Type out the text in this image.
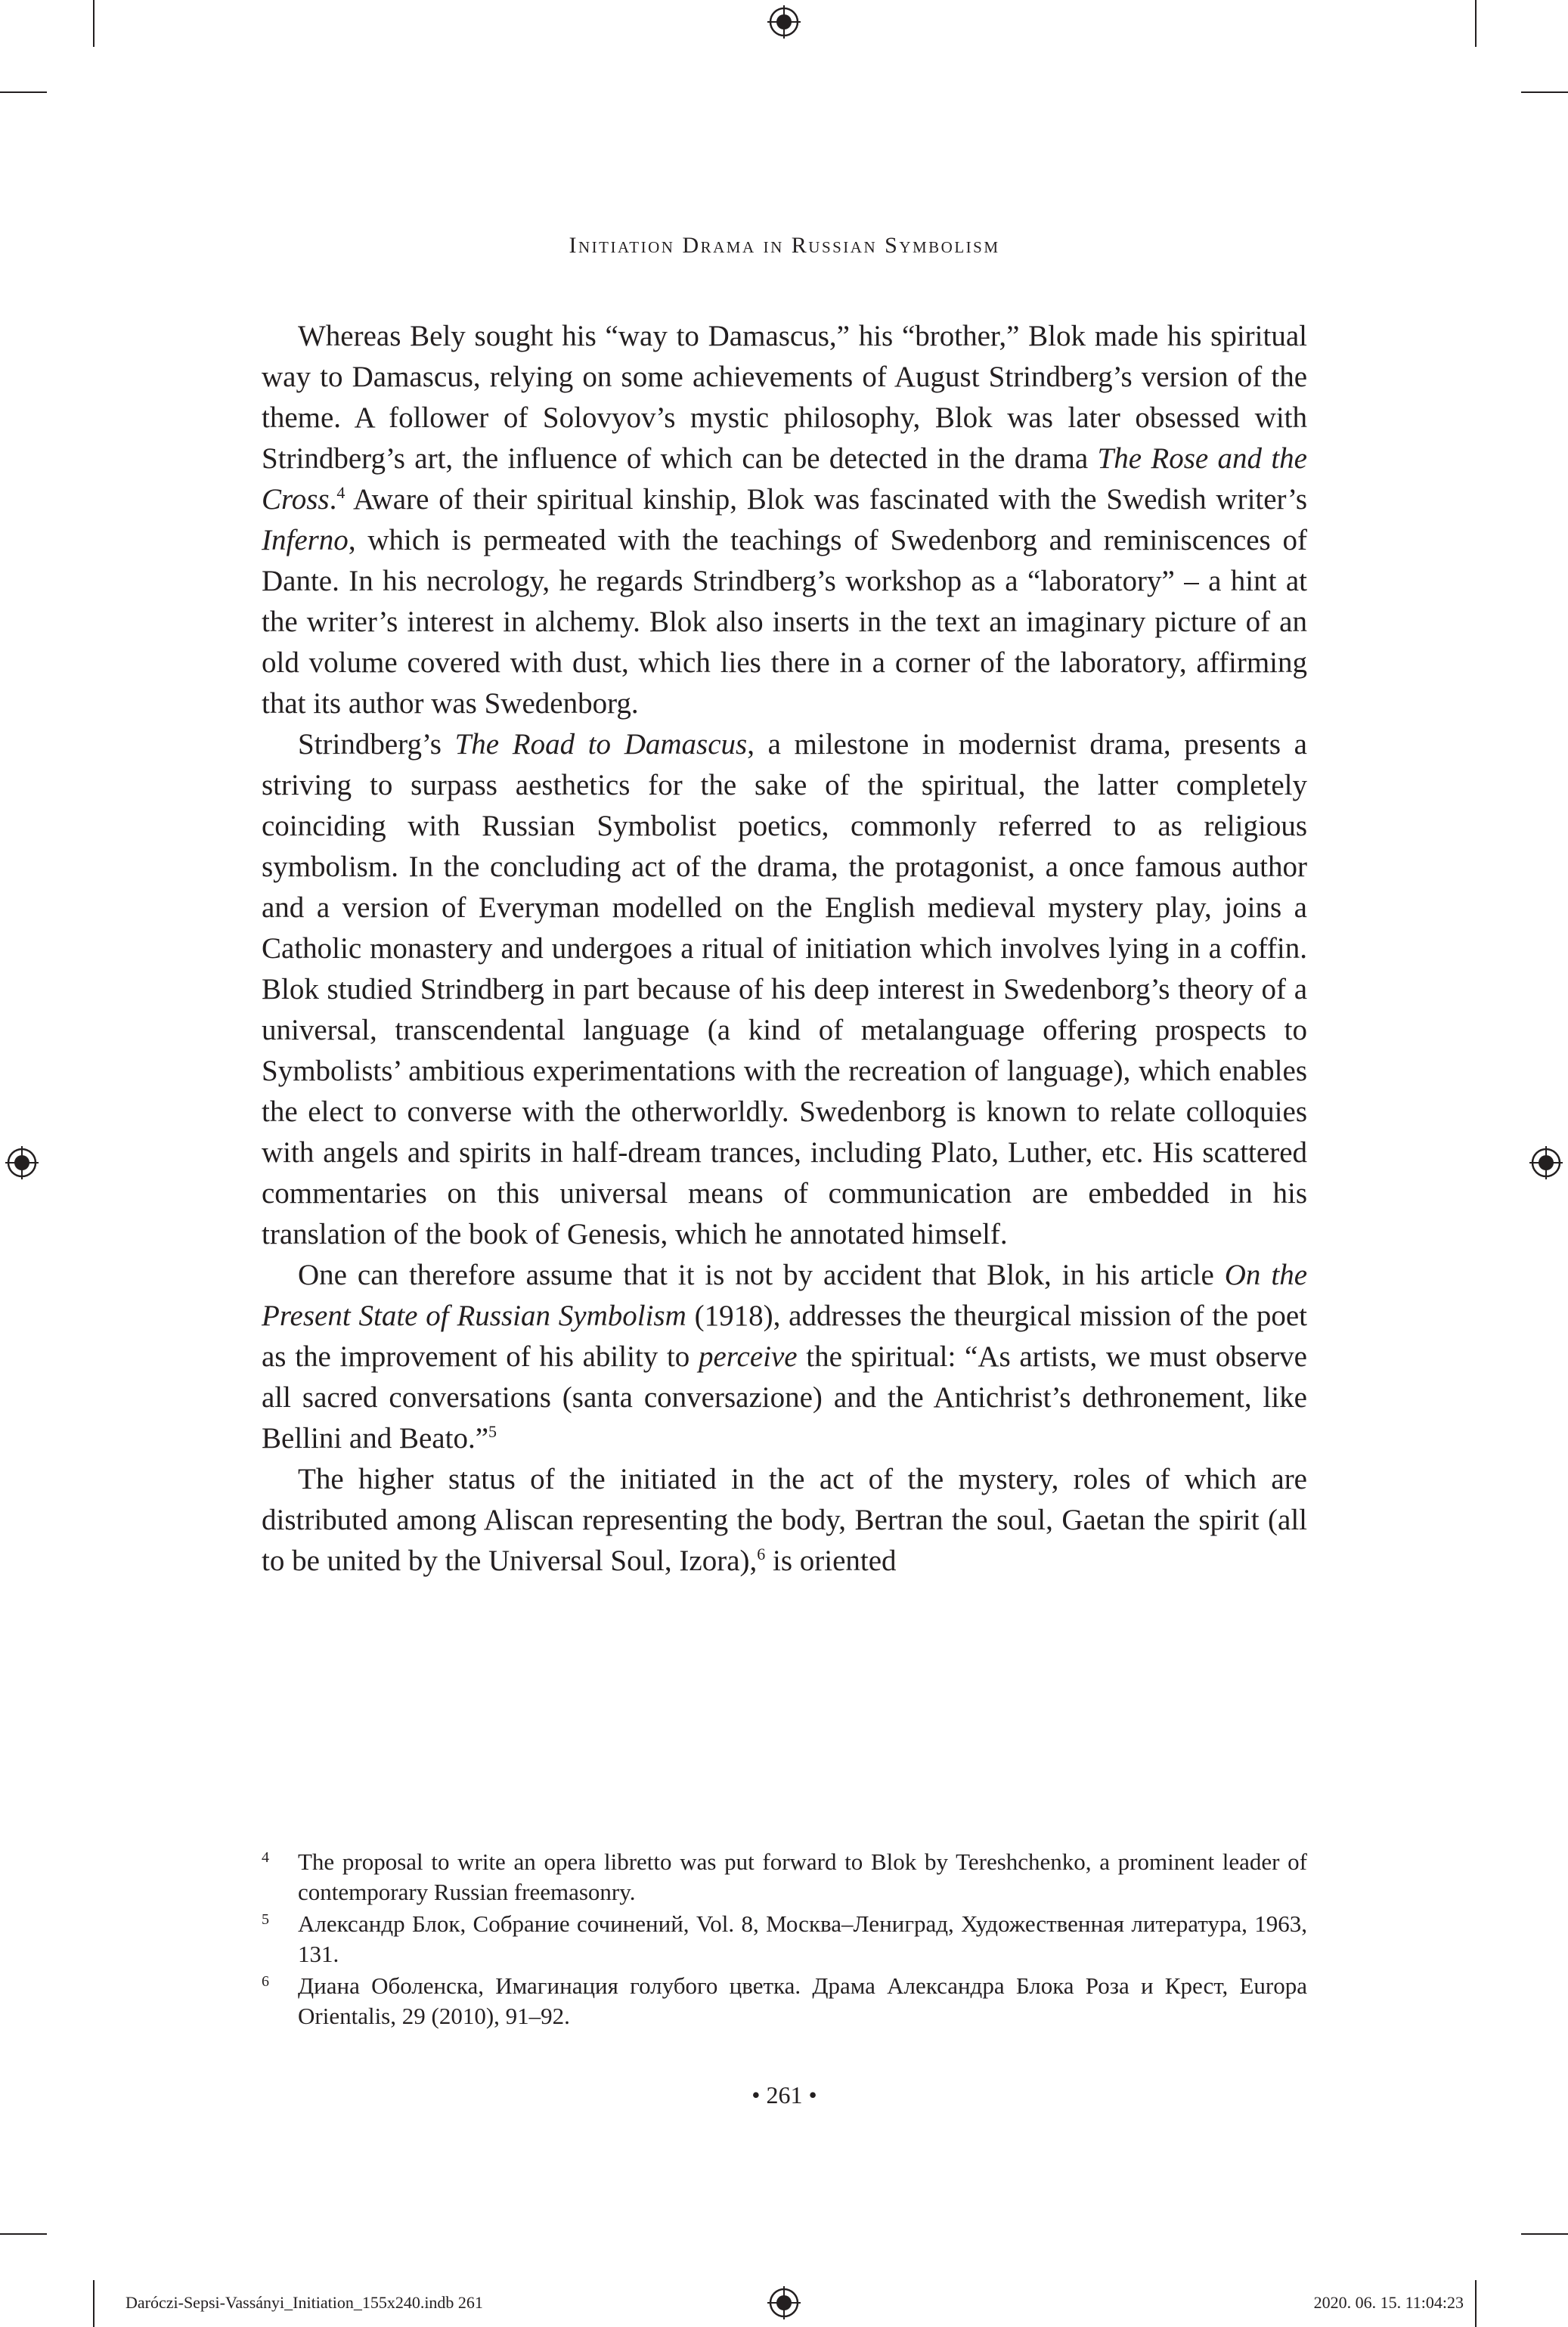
Initiation Drama in Russian Symbolism

Whereas Bely sought his “way to Damascus,” his “brother,” Blok made his spiritual way to Damascus, relying on some achievements of August Strindberg’s version of the theme. A follower of Solovyov’s mystic philosophy, Blok was later obsessed with Strindberg’s art, the influence of which can be detected in the drama The Rose and the Cross.$^4$ Aware of their spiritual kinship, Blok was fascinated with the Swedish writer’s Inferno, which is permeated with the teachings of Swedenborg and reminiscences of Dante. In his necrology, he regards Strindberg’s workshop as a “laboratory” – a hint at the writer’s interest in alchemy. Blok also inserts in the text an imaginary picture of an old volume covered with dust, which lies there in a corner of the laboratory, affirming that its author was Swedenborg.

Strindberg’s The Road to Damascus, a milestone in modernist drama, presents a striving to surpass aesthetics for the sake of the spiritual, the latter completely coinciding with Russian Symbolist poetics, commonly referred to as religious symbolism. In the concluding act of the drama, the protagonist, a once famous author and a version of Everyman modelled on the English medieval mystery play, joins a Catholic monastery and undergoes a ritual of initiation which involves lying in a coffin. Blok studied Strindberg in part because of his deep interest in Swedenborg’s theory of a universal, transcendental language (a kind of metalanguage offering prospects to Symbolists’ ambitious experimentations with the recreation of language), which enables the elect to converse with the otherworldly. Swedenborg is known to relate colloquies with angels and spirits in half-dream trances, including Plato, Luther, etc. His scattered commentaries on this universal means of communication are embedded in his translation of the book of Genesis, which he annotated himself.

One can therefore assume that it is not by accident that Blok, in his article On the Present State of Russian Symbolism (1918), addresses the theurgical mission of the poet as the improvement of his ability to perceive the spiritual: “As artists, we must observe all sacred conversations (santa conversazione) and the Antichrist’s dethronement, like Bellini and Beato.”$^5$

The higher status of the initiated in the act of the mystery, roles of which are distributed among Aliscan representing the body, Bertran the soul, Gaetan the spirit (all to be united by the Universal Soul, Izora),$^6$ is oriented

4 The proposal to write an opera libretto was put forward to Blok by Tereshchenko, a prominent leader of contemporary Russian freemasonry.
5 Александр Блок, Собрание сочинений, Vol. 8, Москва–Лениград, Художественная литература, 1963, 131.
6 Диана Оболенска, Имагинация голубого цветка. Драма Александра Блока Роза и Крест, Europa Orientalis, 29 (2010), 91–92.
• 261 •
Daróczi-Sepsi-Vassányi_Initiation_155x240.indb 261	2020. 06. 15. 11:04:23
